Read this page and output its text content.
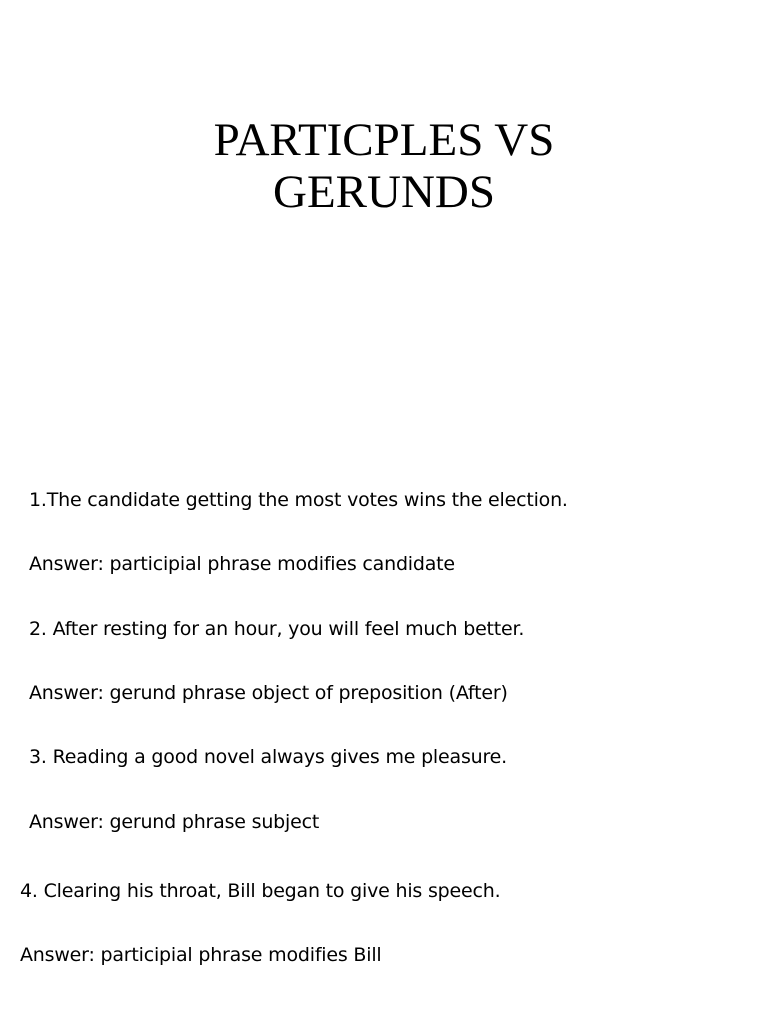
PARTICPLES VS
GERUNDS
1.The candidate getting the most votes wins the election.
Answer: participial phrase modifies candidate
2. After resting for an hour, you will feel much better.
Answer: gerund phrase object of preposition (After)
3. Reading a good novel always gives me pleasure.
Answer: gerund phrase subject
4. Clearing his throat, Bill began to give his speech.
Answer: participial phrase modifies Bill
